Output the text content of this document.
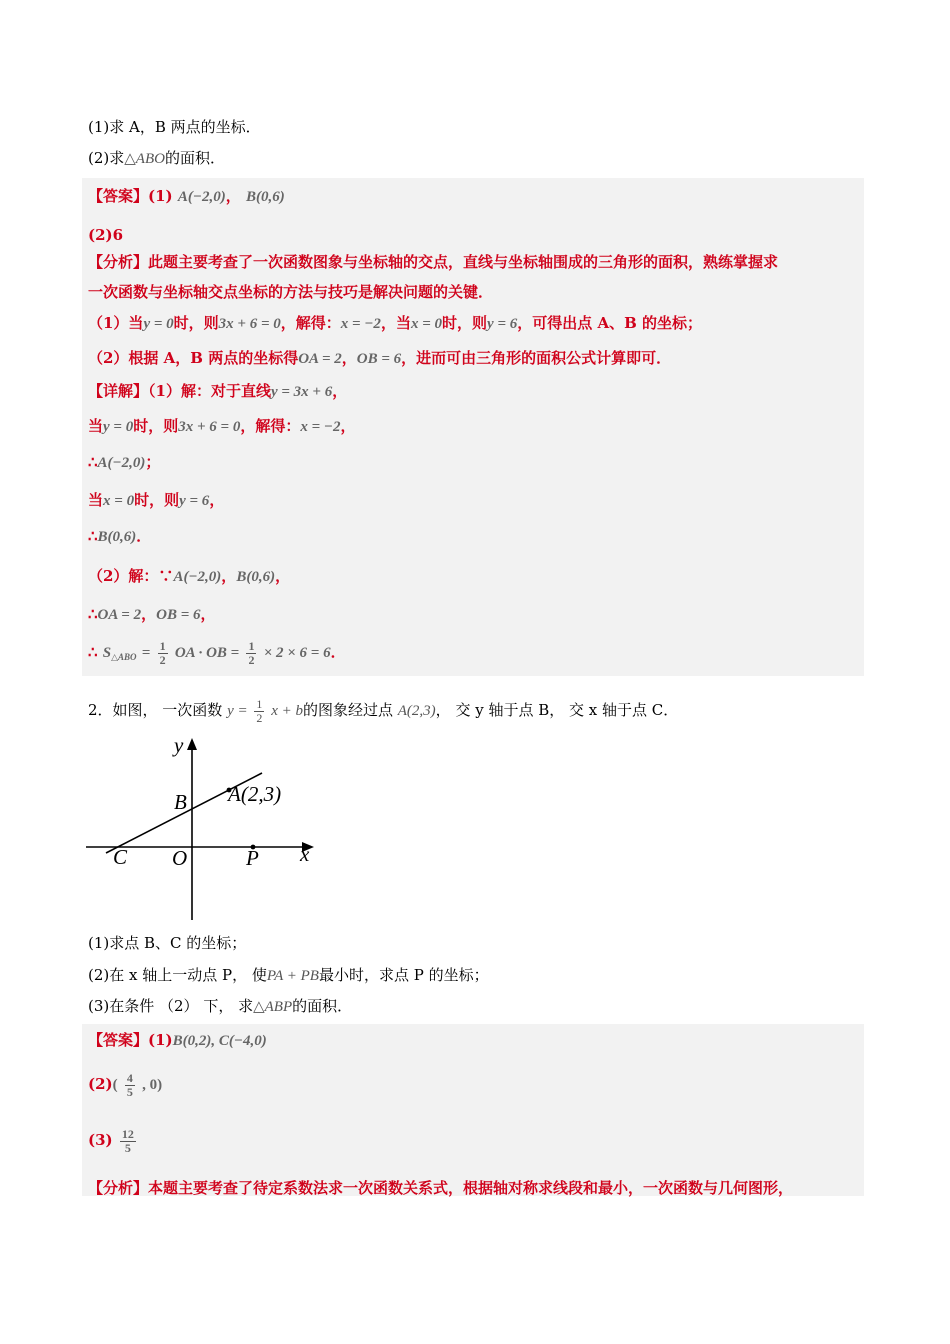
(1)求 A，B 两点的坐标．
(2)求△ABO的面积．
【答案】(1) A(−2,0)， B(0,6)
(2)6
【分析】此题主要考查了一次函数图象与坐标轴的交点，直线与坐标轴围成的三角形的面积，熟练掌握求
一次函数与坐标轴交点坐标的方法与技巧是解决问题的关键．
（1）当y = 0时，则3x + 6 = 0，解得：x = −2，当x = 0时，则y = 6，可得出点 A、B 的坐标；
（2）根据 A，B 两点的坐标得OA = 2，OB = 6，进而可由三角形的面积公式计算即可．
【详解】（1）解：对于直线y = 3x + 6，
当y = 0时，则3x + 6 = 0，解得：x = −2，
∴A(−2,0)；
当x = 0时，则y = 6，
∴B(0,6)．
（2）解：∵A(−2,0)，B(0,6)，
∴OA = 2，OB = 6，
∴ $S_{\triangle ABO} = \frac{1}{2}$ OA · OB = $\frac{1}{2} \times 2 \times 6 = 6$．
2．如图， 一次函数 $y = \frac{1}{2}$ x + b的图象经过点 A(2,3)， 交 y 轴于点 B， 交 x 轴于点 C．
y
x
A(2,3)
B
C O	P
(1)求点 B、C 的坐标；
(2)在 x 轴上一动点 P， 使PA + PB最小时，求点 P 的坐标；
(3)在条件 （2） 下， 求△ABP的面积．
【答案】(1)B(0,2), C(−4,0)
$(2)( \frac{4}{5}$ , 0)
$(3) \frac{12}{5}$
【分析】本题主要考查了待定系数法求一次函数关系式，根据轴对称求线段和最小，一次函数与几何图形，
